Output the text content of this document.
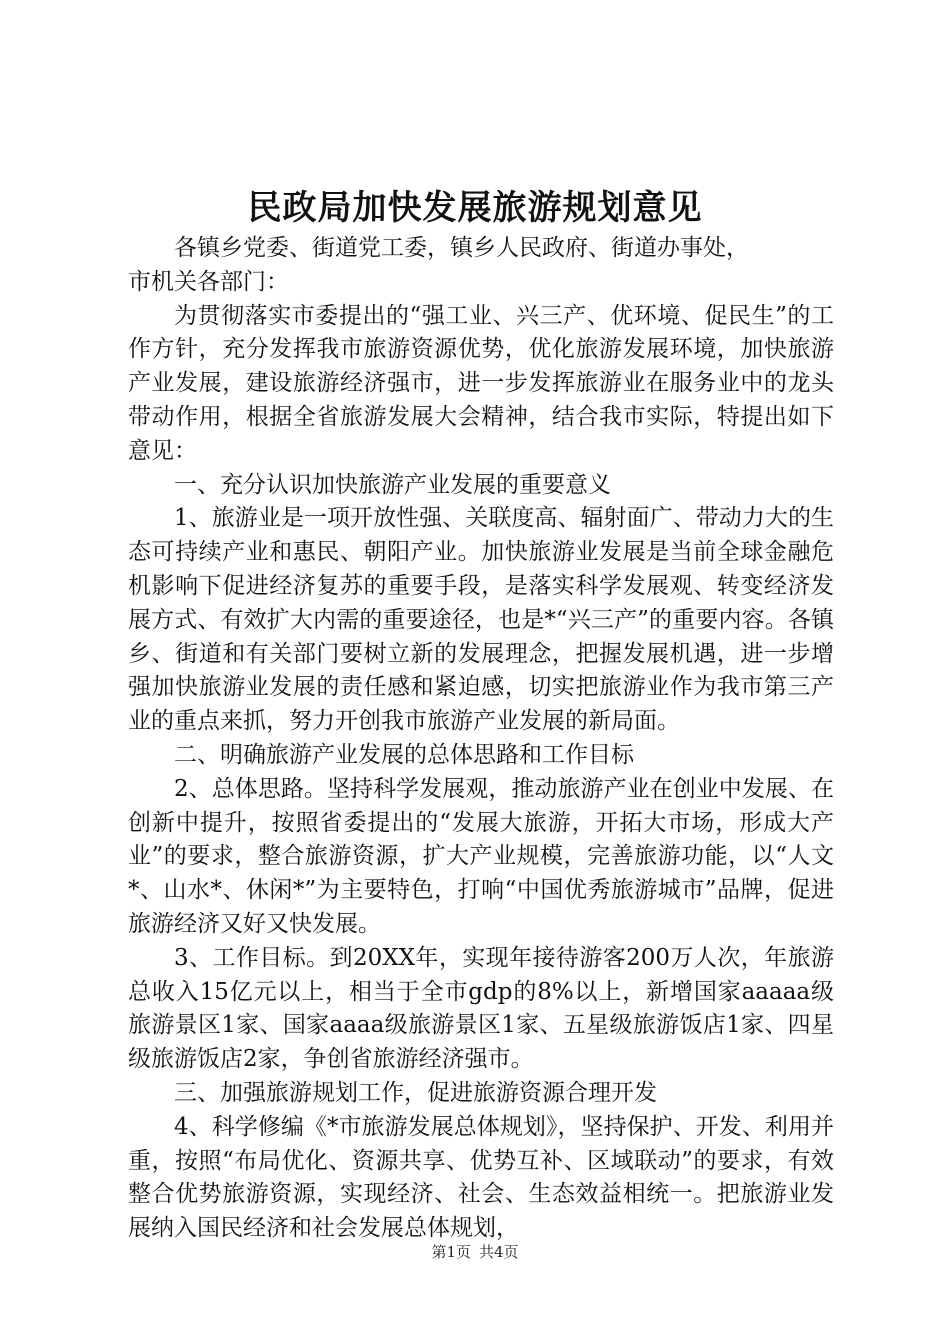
民政局加快发展旅游规划意见

各镇乡党委、街道党工委，镇乡人民政府、街道办事处，
市机关各部门：

为贯彻落实市委提出的“强工业、兴三产、优环境、促民生”的工作方针，充分发挥我市旅游资源优势，优化旅游发展环境，加快旅游产业发展，建设旅游经济强市，进一步发挥旅游业在服务业中的龙头带动作用，根据全省旅游发展大会精神，结合我市实际，特提出如下意见：

一、充分认识加快旅游产业发展的重要意义

1、旅游业是一项开放性强、关联度高、辐射面广、带动力大的生态可持续产业和惠民、朝阳产业。加快旅游业发展是当前全球金融危机影响下促进经济复苏的重要手段，是落实科学发展观、转变经济发展方式、有效扩大内需的重要途径，也是*“兴三产”的重要内容。各镇乡、街道和有关部门要树立新的发展理念，把握发展机遇，进一步增强加快旅游业发展的责任感和紧迫感，切实把旅游业作为我市第三产业的重点来抓，努力开创我市旅游产业发展的新局面。

二、明确旅游产业发展的总体思路和工作目标

2、总体思路。坚持科学发展观，推动旅游产业在创业中发展、在创新中提升，按照省委提出的“发展大旅游，开拓大市场，形成大产业”的要求，整合旅游资源，扩大产业规模，完善旅游功能，以“人文*、山水*、休闲*”为主要特色，打响“中国优秀旅游城市”品牌，促进旅游经济又好又快发展。

3、工作目标。到20XX年，实现年接待游客200万人次，年旅游总收入15亿元以上，相当于全市gdp的8%以上，新增国家aaaaa级旅游景区1家、国家aaaa级旅游景区1家、五星级旅游饭店1家、四星级旅游饭店2家，争创省旅游经济强市。

三、加强旅游规划工作，促进旅游资源合理开发

4、科学修编《*市旅游发展总体规划》，坚持保护、开发、利用并重，按照“布局优化、资源共享、优势互补、区域联动”的要求，有效整合优势旅游资源，实现经济、社会、生态效益相统一。把旅游业发展纳入国民经济和社会发展总体规划，

第1页 共4页
